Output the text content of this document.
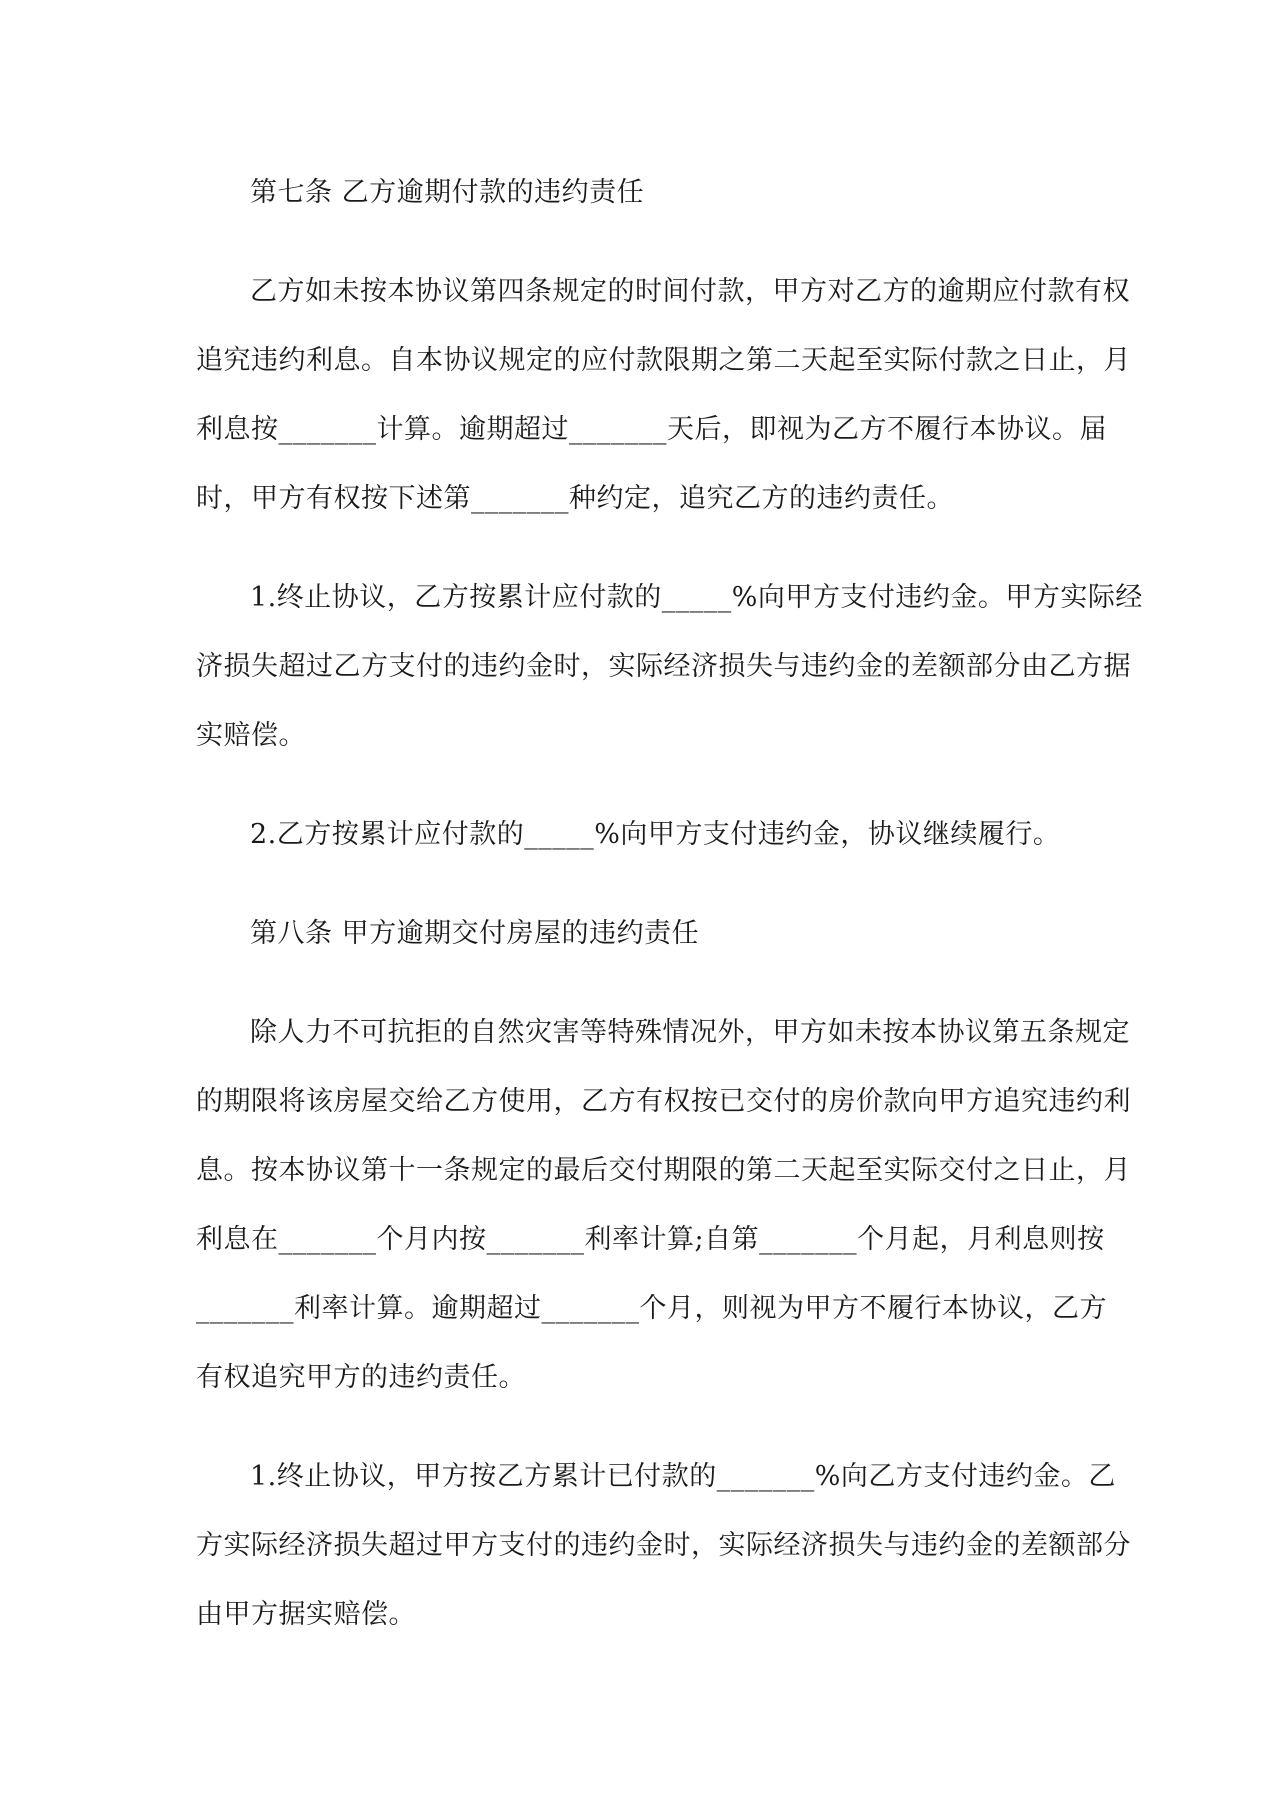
第七条 乙方逾期付款的违约责任

乙方如未按本协议第四条规定的时间付款，甲方对乙方的逾期应付款有权
追究违约利息。自本协议规定的应付款限期之第二天起至实际付款之日止，月
利息按_______计算。逾期超过_______天后，即视为乙方不履行本协议。届
时，甲方有权按下述第_______种约定，追究乙方的违约责任。

1.终止协议，乙方按累计应付款的_____%向甲方支付违约金。甲方实际经
济损失超过乙方支付的违约金时，实际经济损失与违约金的差额部分由乙方据
实赔偿。

2.乙方按累计应付款的_____%向甲方支付违约金，协议继续履行。

第八条 甲方逾期交付房屋的违约责任

除人力不可抗拒的自然灾害等特殊情况外，甲方如未按本协议第五条规定
的期限将该房屋交给乙方使用，乙方有权按已交付的房价款向甲方追究违约利
息。按本协议第十一条规定的最后交付期限的第二天起至实际交付之日止，月
利息在_______个月内按_______利率计算;自第_______个月起，月利息则按
_______利率计算。逾期超过_______个月，则视为甲方不履行本协议，乙方
有权追究甲方的违约责任。

1.终止协议，甲方按乙方累计已付款的_______%向乙方支付违约金。乙
方实际经济损失超过甲方支付的违约金时，实际经济损失与违约金的差额部分
由甲方据实赔偿。
